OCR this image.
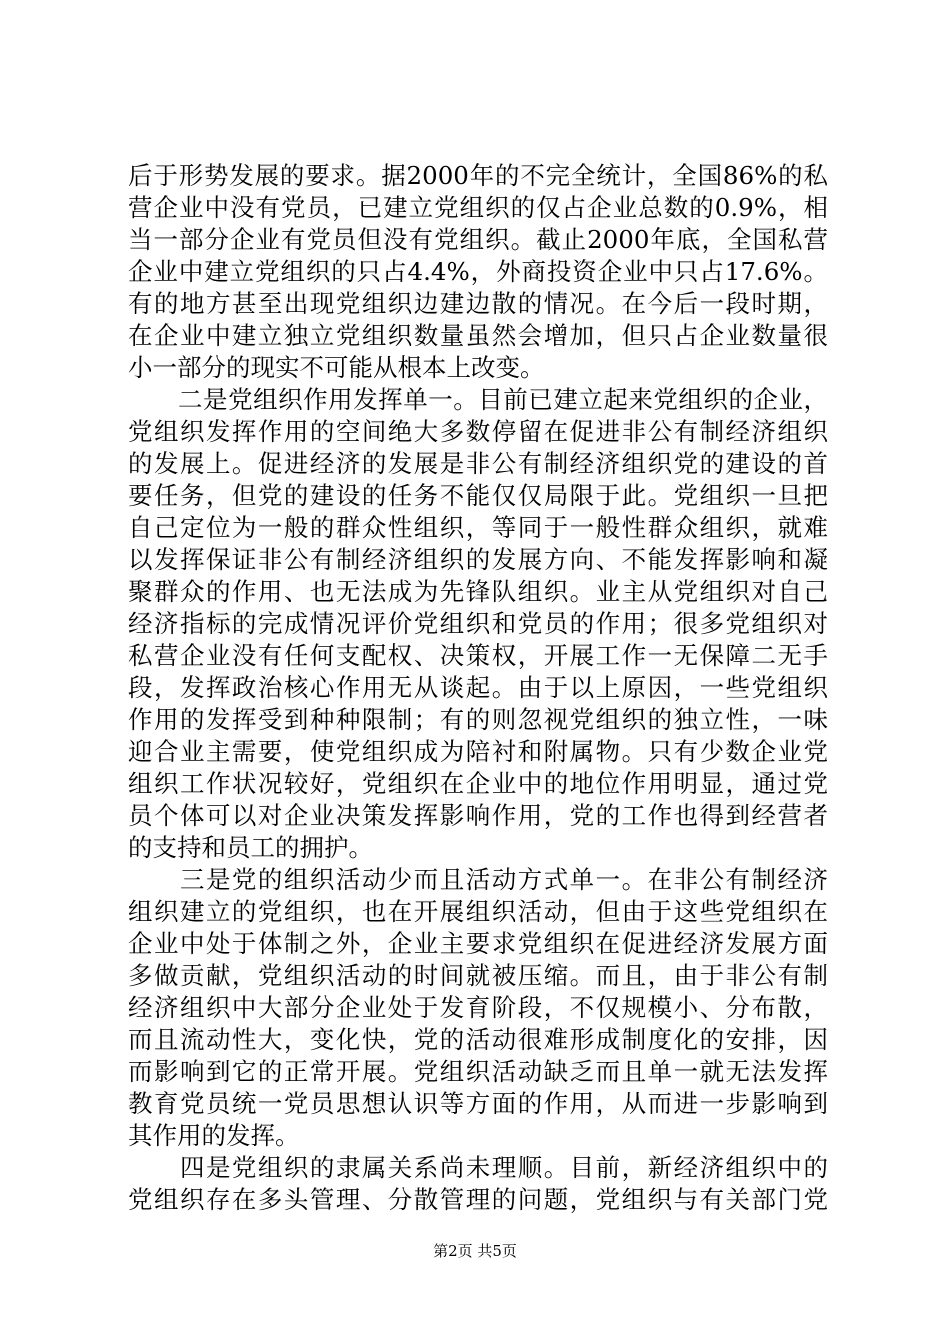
后于形势发展的要求。据2000年的不完全统计，全国86%的私
营企业中没有党员，已建立党组织的仅占企业总数的0.9%，相
当一部分企业有党员但没有党组织。截止2000年底，全国私营
企业中建立党组织的只占4.4%，外商投资企业中只占17.6%。
有的地方甚至出现党组织边建边散的情况。在今后一段时期，
在企业中建立独立党组织数量虽然会增加，但只占企业数量很
小一部分的现实不可能从根本上改变。
　　二是党组织作用发挥单一。目前已建立起来党组织的企业，
党组织发挥作用的空间绝大多数停留在促进非公有制经济组织
的发展上。促进经济的发展是非公有制经济组织党的建设的首
要任务，但党的建设的任务不能仅仅局限于此。党组织一旦把
自己定位为一般的群众性组织，等同于一般性群众组织，就难
以发挥保证非公有制经济组织的发展方向、不能发挥影响和凝
聚群众的作用、也无法成为先锋队组织。业主从党组织对自己
经济指标的完成情况评价党组织和党员的作用；很多党组织对
私营企业没有任何支配权、决策权，开展工作一无保障二无手
段，发挥政治核心作用无从谈起。由于以上原因，一些党组织
作用的发挥受到种种限制；有的则忽视党组织的独立性，一味
迎合业主需要，使党组织成为陪衬和附属物。只有少数企业党
组织工作状况较好，党组织在企业中的地位作用明显，通过党
员个体可以对企业决策发挥影响作用，党的工作也得到经营者
的支持和员工的拥护。
　　三是党的组织活动少而且活动方式单一。在非公有制经济
组织建立的党组织，也在开展组织活动，但由于这些党组织在
企业中处于体制之外，企业主要求党组织在促进经济发展方面
多做贡献，党组织活动的时间就被压缩。而且，由于非公有制
经济组织中大部分企业处于发育阶段，不仅规模小、分布散，
而且流动性大，变化快，党的活动很难形成制度化的安排，因
而影响到它的正常开展。党组织活动缺乏而且单一就无法发挥
教育党员统一党员思想认识等方面的作用，从而进一步影响到
其作用的发挥。
　　四是党组织的隶属关系尚未理顺。目前，新经济组织中的
党组织存在多头管理、分散管理的问题，党组织与有关部门党
第2页 共5页
